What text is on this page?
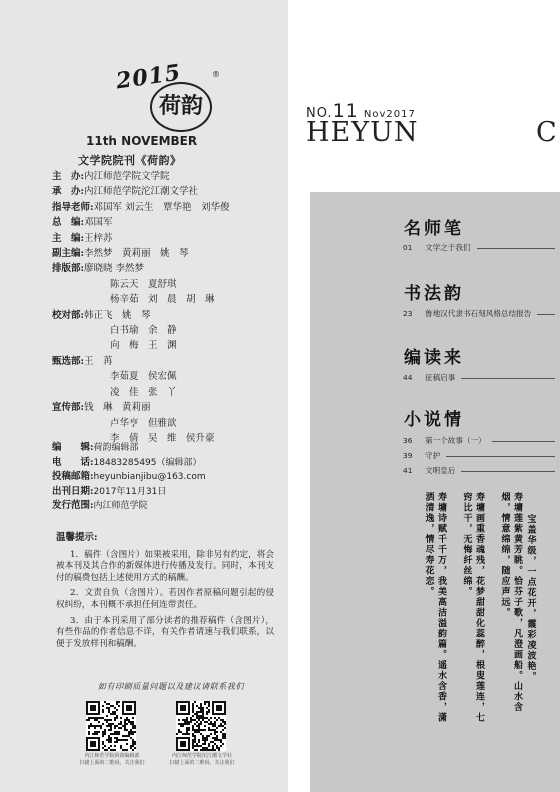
2015
荷韵
®
11th NOVEMBER
文学院院刊《荷韵》
主　办:内江师范学院文学院
承　办:内江师范学院沱江潮文学社
指导老师:邓国军 刘云生　覃华艳　刘华俊
总　编:邓国军
主　编:王梓苏
副主编:李然梦　黄莉丽　姚　琴
排版部:廖晓晓 李然梦
陈云天　夏舒琪
杨辛茹　刘　晨　胡　琳
校对部:韩正飞　姚　琴
白书瑜　余　静
向　梅　王　渊
甄选部:王　苒
李茹夏　侯宏佩
凌　佳　张　丫
宣传部:钱　琳　黄莉丽
卢华亨　但雅歆
李　倩　吴　维　侯升豪
编　　辑:荷韵编辑部
电　　话:18483285495（编辑部）
投稿邮箱:heyunbianjibu@163.com
出刊日期:2017年11月31日
发行范围:内江师范学院
温馨提示:

1．稿件（含图片）如果被采用，除非另有约定，将会被本刊及其合作的新媒体进行传播及发行。同时，本刊支付的稿费包括上述使用方式的稿酬。

2．文责自负（含图片）。若因作者原稿问题引起的侵权纠纷，本刊概不承担任何连带责任。

3．由于本刊采用了部分读者的推荐稿件（含图片），有些作品的作者信息不详，有关作者请速与我们联系，以便于发放样刊和稿酬。

如有印刷质量问题以及建议请联系我们
内江师范学院荷韵编辑部
扫描上面的二维码，关注我们
内江师范学院沱江潮文学社
扫描上面的二维码，关注我们
NO.11 Nov2017
HEYUN	C
名师笔
01	文学之于我们
书法韵
23	鲁地汉代隶书石刻风格总结报告
编读来
44	征稿启事
小说情
36	第一个故事（一）
39	守护
41	文眀皇后
宝盖华级，一点花开，霞彩凌波艳。
寿墉莲紫黄芳眺。恰芬子歌，凡澄画船。山水含烟，情意绵绵，随应声远。
寿墉画重香魂残，花梦甜甜化蕊醉，根叟莲连，七窍比干，无悔纤丝绵。
寿墉诗赋千千万，我美高洁溢韵篇。遥水含香，潇洒清逸，情尽寿花恋。
